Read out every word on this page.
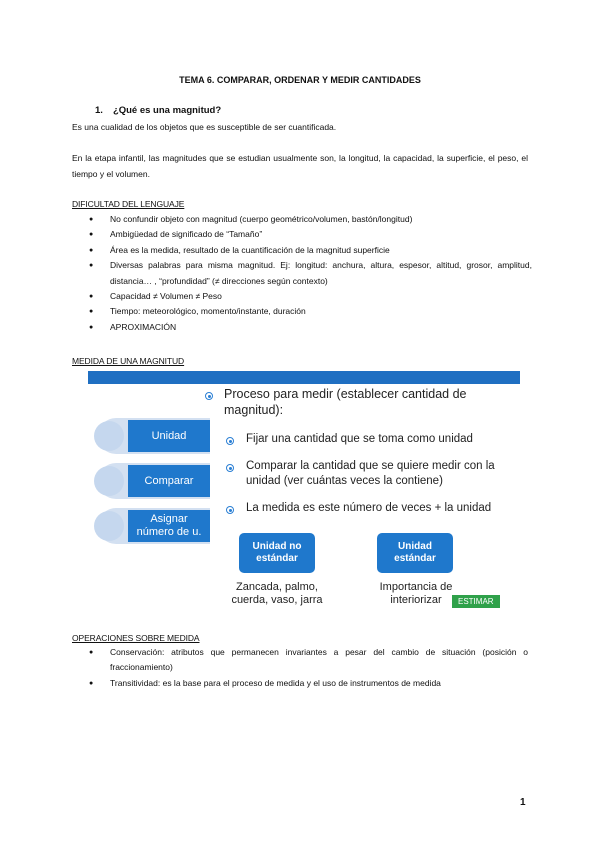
TEMA 6. COMPARAR, ORDENAR Y MEDIR CANTIDADES
1. ¿Qué es una magnitud?
Es una cualidad de los objetos que es susceptible de ser cuantificada.
En la etapa infantil, las magnitudes que se estudian usualmente son, la longitud, la capacidad, la superficie, el peso, el tiempo y el volumen.
DIFICULTAD DEL LENGUAJE
● No confundir objeto con magnitud (cuerpo geométrico/volumen, bastón/longitud)
● Ambigüedad de significado de “Tamaño”
● Área es la medida, resultado de la cuantificación de la magnitud superficie
● Diversas palabras para misma magnitud. Ej: longitud: anchura, altura, espesor, altitud, grosor, amplitud, distancia… , “profundidad” (≠ direcciones según contexto)
● Capacidad ≠ Volumen ≠ Peso
● Tiempo: meteorológico, momento/instante, duración
● APROXIMACIÓN
MEDIDA DE UNA MAGNITUD
Unidad
Comparar
Asignar número de u.
Proceso para medir (establecer cantidad de magnitud):
Fijar una cantidad que se toma como unidad
Comparar la cantidad que se quiere medir con la unidad (ver cuántas veces la contiene)
La medida es este número de veces + la unidad
Unidad no estándar
Zancada, palmo, cuerda, vaso, jarra
Unidad estándar
Importancia de interiorizar	ESTIMAR
OPERACIONES SOBRE MEDIDA
● Conservación: atributos que permanecen invariantes a pesar del cambio de situación (posición o fraccionamiento)
● Transitividad: es la base para el proceso de medida y el uso de instrumentos de medida
1
